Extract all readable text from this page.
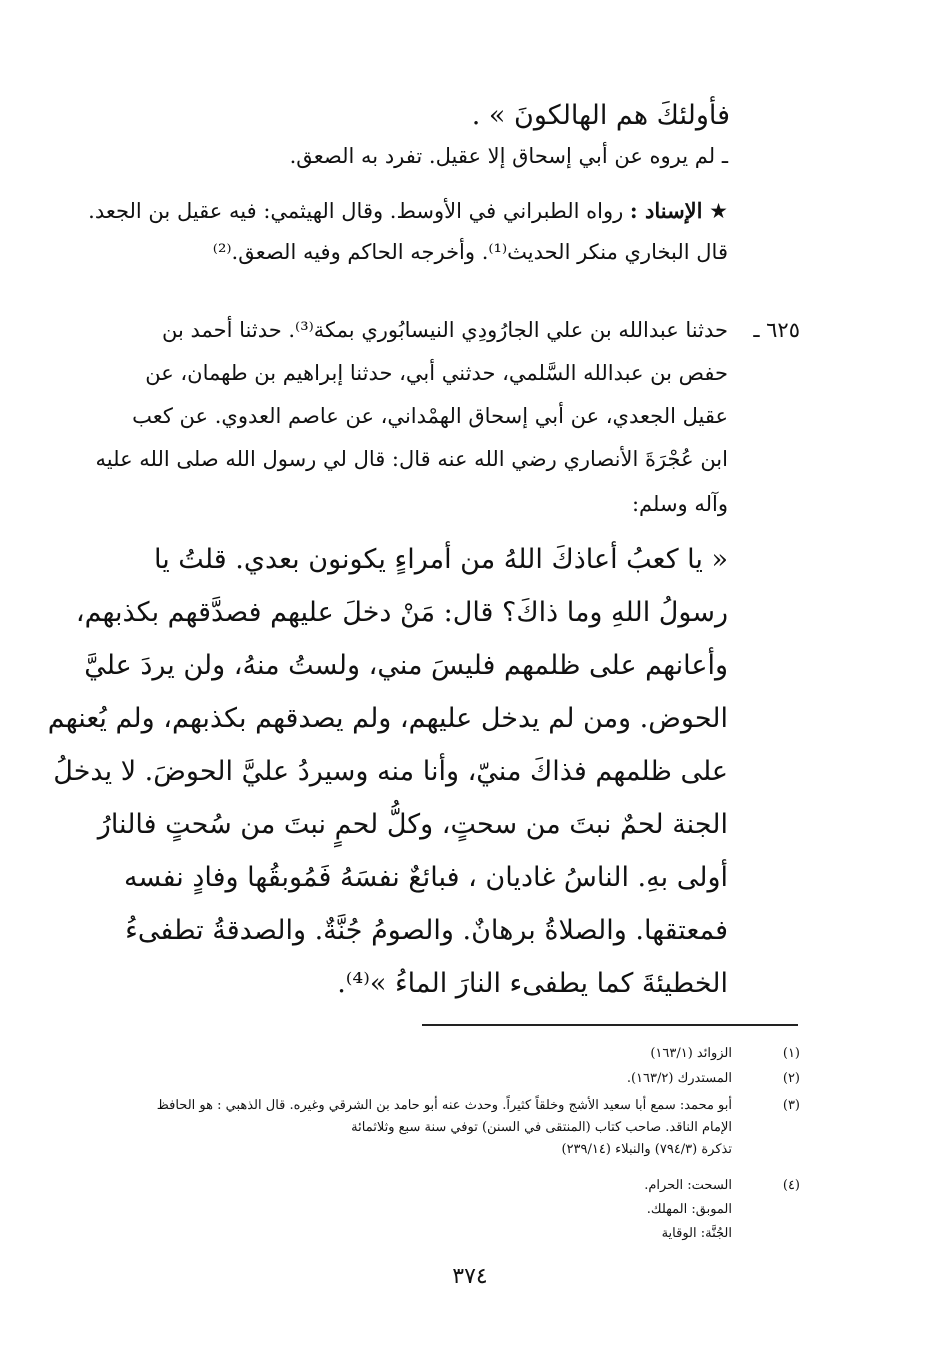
فأولئكَ هم الهالكونَ » .
ـ لم يروه عن أبي إسحاق إلا عقيل. تفرد به الصعق.
★ الإسناد : رواه الطبراني في الأوسط. وقال الهيثمي: فيه عقيل بن الجعد.
قال البخاري منكر الحديث⁽¹⁾. وأخرجه الحاكم وفيه الصعق.⁽²⁾
٦٢٥ ـ
حدثنا عبدالله بن علي الجارُودِي النيسابُوري بمكة⁽³⁾. حدثنا أحمد بن
حفص بن عبدالله السَّلمي، حدثني أبي، حدثنا إبراهيم بن طهمان، عن
عقيل الجعدي، عن أبي إسحاق الهمْداني، عن عاصم العدوي. عن كعب
ابن عُجْرَةَ الأنصاري رضي الله عنه قال: قال لي رسول الله صلى الله عليه
وآله وسلم:
« يا كعبُ أعاذكَ اللهُ من أمراءٍ يكونون بعدي. قلتُ يا
رسولُ اللهِ وما ذاكَ؟ قال: مَنْ دخلَ عليهم فصدَّقهم بكذبهم،
وأعانهم على ظلمهم فليسَ مني، ولستُ منهُ، ولن يردَ عليَّ
الحوض. ومن لم يدخل عليهم، ولم يصدقهم بكذبهم، ولم يُعنهم
على ظلمهم فذاكَ منيّ، وأنا منه وسيردُ عليَّ الحوضَ. لا يدخلُ
الجنة لحمٌ نبتَ من سحتٍ، وكلُّ لحمٍ نبتَ من سُحتٍ فالنارُ
أولى بهِ. الناسُ غاديان ، فبائعٌ نفسَهُ فَمُوبقُها وفادٍ نفسه
فمعتقها. والصلاةُ برهانٌ. والصومُ جُنَّةٌ. والصدقةُ تطفىءُ
الخطيئةَ كما يطفىء النارَ الماءُ »⁽⁴⁾.
(١)
الزوائد (١٦٣/١)
(٢)
المستدرك (١٦٣/٢).
(٣)
أبو محمد: سمع أبا سعيد الأشج وخلقاً كثيراً. وحدث عنه أبو حامد بن الشرقي وغيره. قال الذهبي : هو الحافظ
الإمام الناقد. صاحب كتاب (المنتقى في السنن) توفي سنة سبع وثلاثمائة
تذكرة (٧٩٤/٣) والنبلاء (٢٣٩/١٤)
(٤)
السحت: الحرام.
الموبق: المهلك.
الجُنَّة: الوقاية
٣٧٤
